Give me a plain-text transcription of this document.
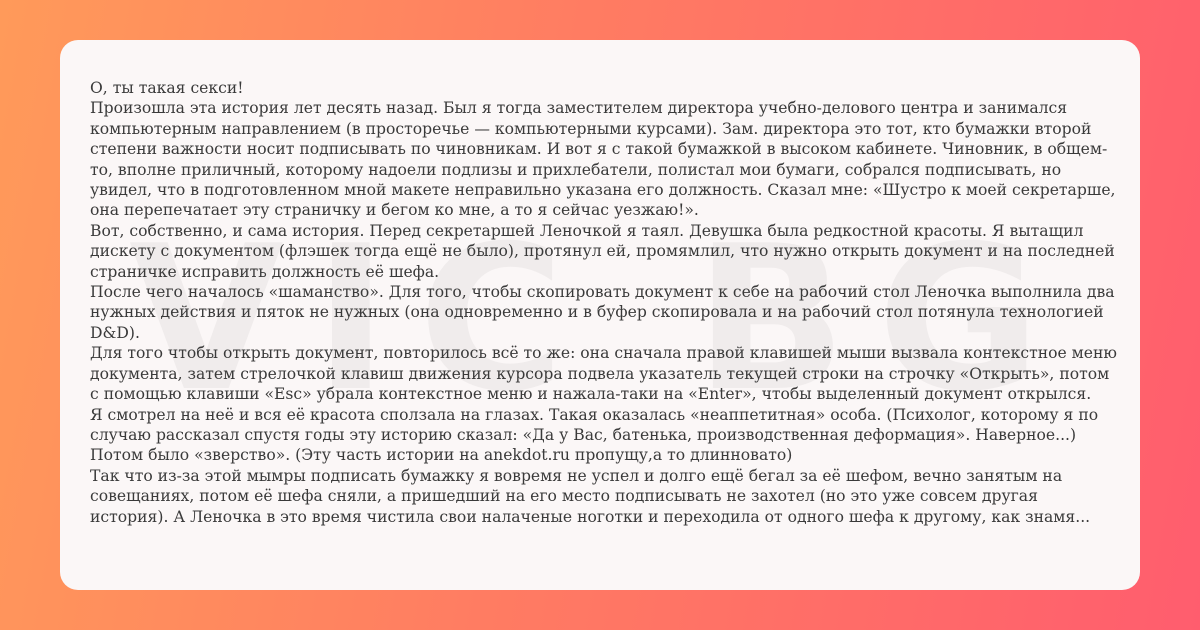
О, ты такая секси!

Произошла эта история лет десять назад. Был я тогда заместителем директора учебно-делового центра и занимался компьютерным направлением (в просторечье — компьютерными курсами). Зам. директора это тот, кто бумажки второй степени важности носит подписывать по чиновникам. И вот я с такой бумажкой в высоком кабинете. Чиновник, в общем-то, вполне приличный, которому надоели подлизы и прихлебатели, полистал мои бумаги, собрался подписывать, но увидел, что в подготовленном мной макете неправильно указана его должность. Сказал мне: «Шустро к моей секретарше, она перепечатает эту страничку и бегом ко мне, а то я сейчас уезжаю!».

Вот, собственно, и сама история. Перед секретаршей Леночкой я таял. Девушка была редкостной красоты. Я вытащил дискету с документом (флэшек тогда ещё не было), протянул ей, промямлил, что нужно открыть документ и на последней страничке исправить должность её шефа.

После чего началось «шаманство». Для того, чтобы скопировать документ к себе на рабочий стол Леночка выполнила два нужных действия и пяток не нужных (она одновременно и в буфер скопировала и на рабочий стол потянула технологией D&D).

Для того чтобы открыть документ, повторилось всё то же: она сначала правой клавишей мыши вызвала контекстное меню документа, затем стрелочкой клавиш движения курсора подвела указатель текущей строки на строчку «Открыть», потом с помощью клавиши «Esc» убрала контекстное меню и нажала-таки на «Enter», чтобы выделенный документ открылся.

Я смотрел на неё и вся её красота сползала на глазах. Такая оказалась «неаппетитная» особа. (Психолог, которому я по случаю рассказал спустя годы эту историю сказал: «Да у Вас, батенька, производственная деформация». Наверное...)

Потом было «зверство». (Эту часть истории на anekdot.ru пропущу,а то длинновато)

Так что из-за этой мымры подписать бумажку я вовремя не успел и долго ещё бегал за её шефом, вечно занятым на совещаниях, потом её шефа сняли, а пришедший на его место подписывать не захотел (но это уже совсем другая история). А Леночка в это время чистила свои налаченые ноготки и переходила от одного шефа к другому, как знамя...
